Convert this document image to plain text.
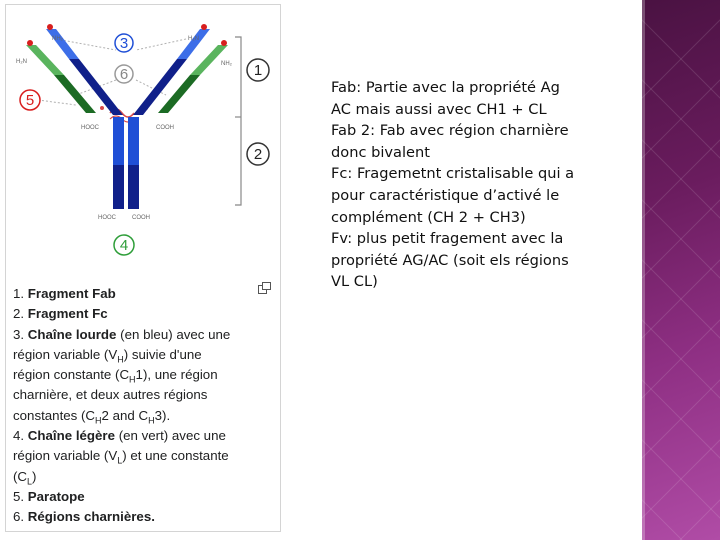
NH₂	H₂N
H₂N	NH₂
HOOC	COOH
HOOC	COOH
3
6	1
2
5
4
1. Fragment Fab
2. Fragment Fc
3. Chaîne lourde (en bleu) avec une
région variable $(V_H)$ suivie d'une
région constante $(C_H1)$, une région
charnière, et deux autres régions
constantes ($C_H2$ and $C_H3$).
4. Chaîne légère (en vert) avec une
région variable $(V_L)$ et une constante
$(C_L)$
5. Paratope
6. Régions charnières.
Fab: Partie avec la propriété Ag
AC mais aussi avec CH1 + CL
Fab 2: Fab avec région charnière
donc bivalent
Fc: Fragemetnt cristalisable qui a
pour caractéristique d’activé le
complément (CH 2 + CH3)
Fv: plus petit fragement avec la
propriété AG/AC (soit els régions
VL CL)
